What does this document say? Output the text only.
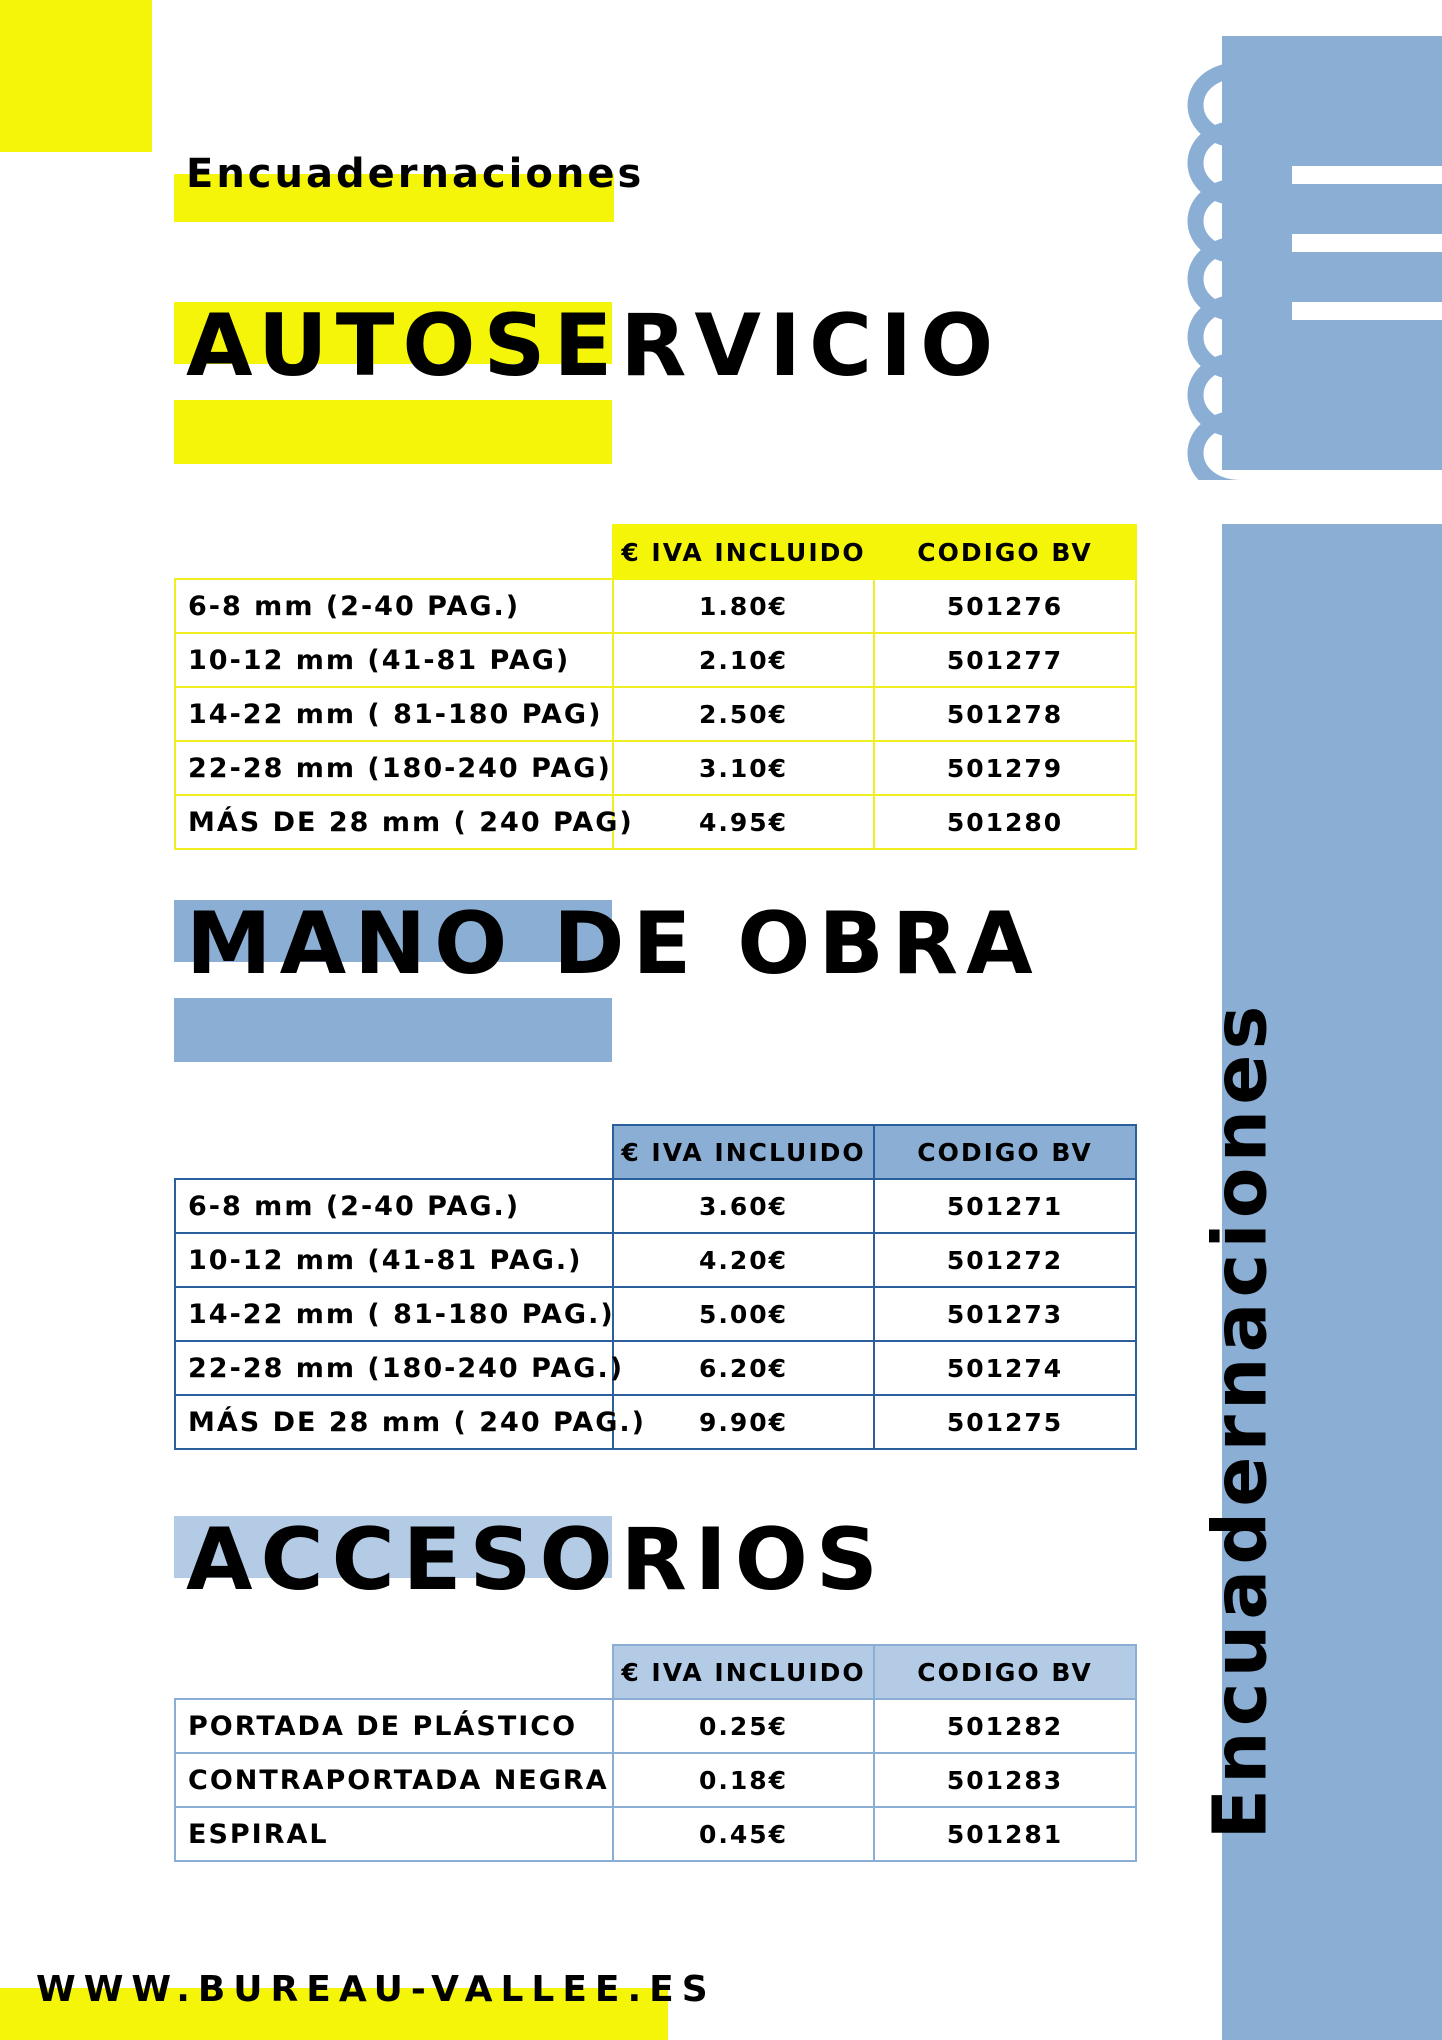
Encuadernaciones
AUTOSERVICIO
	€ IVA INCLUIDO	CODIGO BV
6-8 mm (2-40 PAG.)	1.80€	501276
10-12 mm (41-81 PAG)	2.10€	501277
14-22 mm ( 81-180 PAG)	2.50€	501278
22-28 mm (180-240 PAG)	3.10€	501279
MÁS DE 28 mm ( 240 PAG)	4.95€	501280
MANO DE OBRA
	€ IVA INCLUIDO	CODIGO BV
6-8 mm (2-40 PAG.)	3.60€	501271
10-12 mm (41-81 PAG.)	4.20€	501272
14-22 mm ( 81-180 PAG.)	5.00€	501273
22-28 mm (180-240 PAG.)	6.20€	501274
MÁS DE 28 mm ( 240 PAG.)	9.90€	501275
ACCESORIOS
	€ IVA INCLUIDO	CODIGO BV
PORTADA DE PLÁSTICO	0.25€	501282
CONTRAPORTADA NEGRA	0.18€	501283
ESPIRAL	0.45€	501281 Encuadernaciones
WWW.BUREAU-VALLEE.ES
